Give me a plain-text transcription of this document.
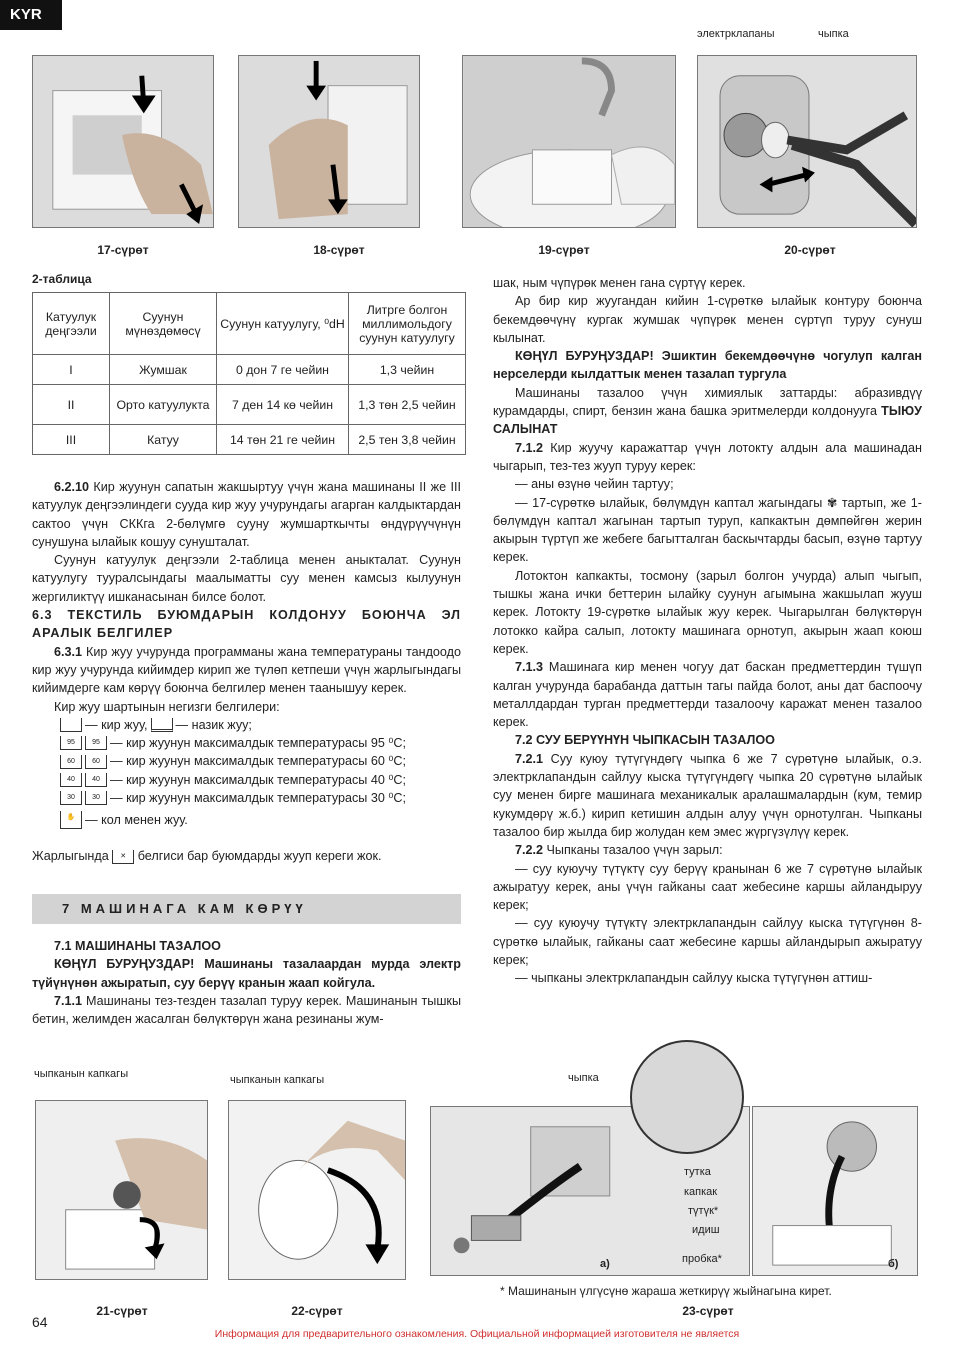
KYR
электрклапаны	чыпка
17-сүрөт	18-сүрөт	19-сүрөт	20-сүрөт
2-таблица
Катуулук деңгээли	Суунун мүнөздөмөсү	Суунун катуулугу, ⁰dH	Литрге болгон миллимольдогу суунун катуулугу
I	Жумшак	0 дон 7 ге чейин	1,3 чейин
II	Орто катуулукта	7 ден 14 кө чейин	1,3 төн 2,5 чейин
III	Катуу	14 төн 21 ге чейин	2,5 тен 3,8 чейин

6.2.10 Кир жуунун сапатын жакшыртуу үчүн жана машинаны II же III катуулук деңгээлиндеги сууда кир жуу учурундагы агарган калдыктардан сактоо үчүн СККга 2-бөлүмгө сууну жумшарткычты өндүрүүчүнүн сунушуна ылайык кошуу сунушталат.

Суунун катуулук деңгээли 2-таблица менен аныкталат. Суунун катуулугу тууралсындагы маалыматты суу менен камсыз кылуунун жергиликтүү ишканасынан билсе болот.

6.3 ТЕКСТИЛЬ БУЮМДАРЫН КОЛДОНУУ БОЮНЧА ЭЛ АРАЛЫК БЕЛГИЛЕР

6.3.1 Кир жуу учурунда программаны жана температураны тандоодо кир жуу учурунда кийимдер кирип же түлөп кетпеши үчүн жарлыгындагы кийимдерге кам көрүү боюнча белгилер менен таанышуу керек.

Кир жуу шартынын негизги белгилери:

— кир жуу, — назик жуу;
95	95 — кир жуунун максималдык температурасы 95 ⁰С;
60	60 — кир жуунун максималдык температурасы 60 ⁰С;
40	40 — кир жуунун максималдык температурасы 40 ⁰С;
30	30 — кир жуунун максималдык температурасы 30 ⁰С;
✋ — кол менен жуу.

Жарлыгында ✕ белгиси бар буюмдарды жууп кереги жок.

7 МАШИНАГА КАМ КӨРҮҮ

7.1 МАШИНАНЫ ТАЗАЛОО

КӨҢҮЛ БУРУҢУЗДАР! Машинаны тазалаардан мурда электр түйүнүнөн ажыратып, суу берүү кранын жаап койгула.

7.1.1 Машинаны тез-тезден тазалап туруу керек. Машинанын тышкы бетин, желимден жасалган бөлүктөрүн жана резинаны жум-

шак, ным чүпүрөк менен гана сүртүү керек.

Ар бир кир жуугандан кийин 1-сүрөткө ылайык контуру боюнча бекемдөөчүнү кургак жумшак чүпүрөк менен сүртүп туруу сунуш кылынат.

КӨҢҮЛ БУРУҢУЗДАР! Эшиктин бекемдөөчүнө чогулуп калган нерселерди кылдаттык менен тазалап тургула

Машинаны тазалоо үчүн химиялык заттарды: абразивдүү курамдарды, спирт, бензин жана башка эритмелерди колдонууга ТЫЮУ САЛЫНАТ

7.1.2 Кир жуучу каражаттар үчүн лотокту алдын ала машинадан чыгарып, тез-тез жууп туруу керек:

— аны өзүнө чейин тартуу;

— 17-сүрөткө ылайык, бөлүмдүн каптал жагындагы ✾ тартып, же 1-бөлүмдүн каптал жагынан тартып туруп, капкактын дөмпөйгөн жерин акырын түртүп же жебеге багытталган баскычтарды басып, өзүнө тартуу керек.

Лотоктон капкакты, тосмону (зарыл болгон учурда) алып чыгып, тышкы жана ички беттерин ылайку суунун агымына жакшылап жууш керек. Лотокту 19-сүрөткө ылайык жуу керек. Чыгарылган бөлүктөрүн лотокко кайра салып, лотокту машинага орнотуп, акырын жаап коюш керек.

7.1.3 Машинага кир менен чогуу дат баскан предметтердин түшүп калган учурунда барабанда даттын тагы пайда болот, аны дат баспоочу металлдардан турган предметтерди тазалоочу каражат менен тазалоо керек.

7.2 СУУ БЕРҮҮНҮН ЧЫПКАСЫН ТАЗАЛОО

7.2.1 Суу куюу түтүгүндөгү чыпка 6 же 7 сүрөтүнө ылайык, о.э. электрклапандын сайлуу кыска түтүгүндөгү чыпка 20 сүрөтүнө ылайык суу менен бирге машинага механикалык аралашмалардын (кум, темир кукумдөрү ж.б.) кирип кетишин алдын алуу үчүн орнотулган. Чыпканы тазалоо бир жылда бир жолудан кем эмес жүргүзүлүү керек.

7.2.2 Чыпканы тазалоо үчүн зарыл:

— суу куюучу түтүктү суу берүү кранынан 6 же 7 сүрөтүнө ылайык ажыратуу керек, аны үчүн гайканы саат жебесине каршы айландыруу керек;

— суу куюучу түтүктү электрклапандын сайлуу кыска түтүгүнөн 8-сүрөткө ылайык, гайканы саат жебесине каршы айландырып ажыратуу керек;

— чыпканы электрклапандын сайлуу кыска түтүгүнөн аттиш-

чыпканын капкагы	чыпканын капкагы	чыпка
тутка
капкак
түтүк*
идиш
пробка*
а)	б)
* Машинанын үлгүсүнө жараша жеткирүү жыйнагына кирет.
21-сүрөт	22-сүрөт	23-сүрөт
64
Информация для предварительного ознакомления. Официальной информацией изготовителя не является
